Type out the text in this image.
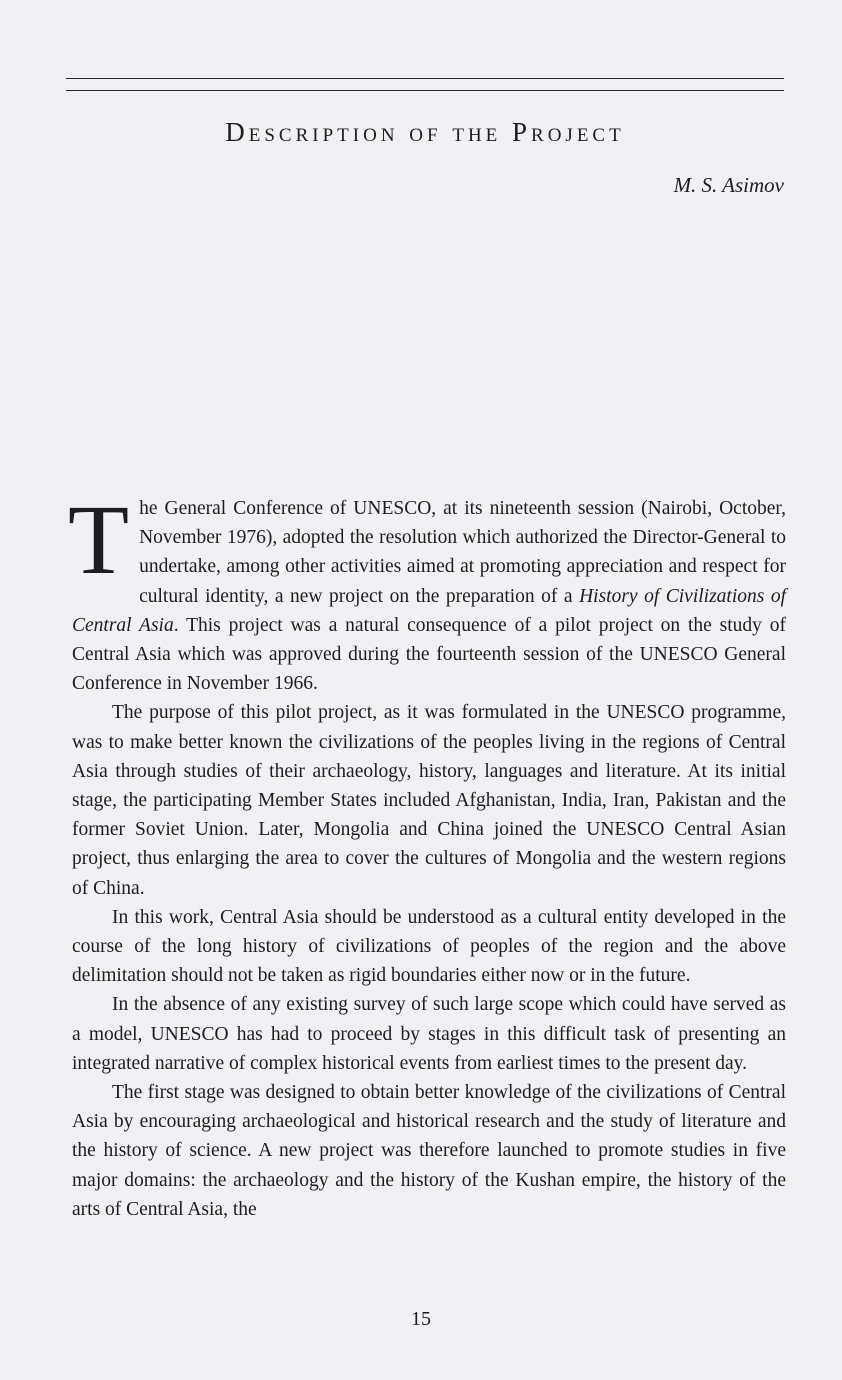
Description of the Project

M. S. Asimov

The General Conference of UNESCO, at its nineteenth session (Nairobi, October, November 1976), adopted the resolution which authorized the Director-General to undertake, among other activities aimed at promoting appreciation and respect for cultural identity, a new project on the preparation of a History of Civilizations of Central Asia. This project was a natural consequence of a pilot project on the study of Central Asia which was approved during the fourteenth session of the UNESCO General Conference in November 1966.

The purpose of this pilot project, as it was formulated in the UNESCO programme, was to make better known the civilizations of the peoples living in the regions of Central Asia through studies of their archaeology, history, languages and literature. At its initial stage, the participating Member States included Afghanistan, India, Iran, Pakistan and the former Soviet Union. Later, Mongolia and China joined the UNESCO Central Asian project, thus enlarging the area to cover the cultures of Mongolia and the western regions of China.

In this work, Central Asia should be understood as a cultural entity developed in the course of the long history of civilizations of peoples of the region and the above delimitation should not be taken as rigid boundaries either now or in the future.

In the absence of any existing survey of such large scope which could have served as a model, UNESCO has had to proceed by stages in this difficult task of presenting an integrated narrative of complex historical events from earliest times to the present day.

The first stage was designed to obtain better knowledge of the civilizations of Central Asia by encouraging archaeological and historical research and the study of literature and the history of science. A new project was therefore launched to promote studies in five major domains: the archaeology and the history of the Kushan empire, the history of the arts of Central Asia, the

15
